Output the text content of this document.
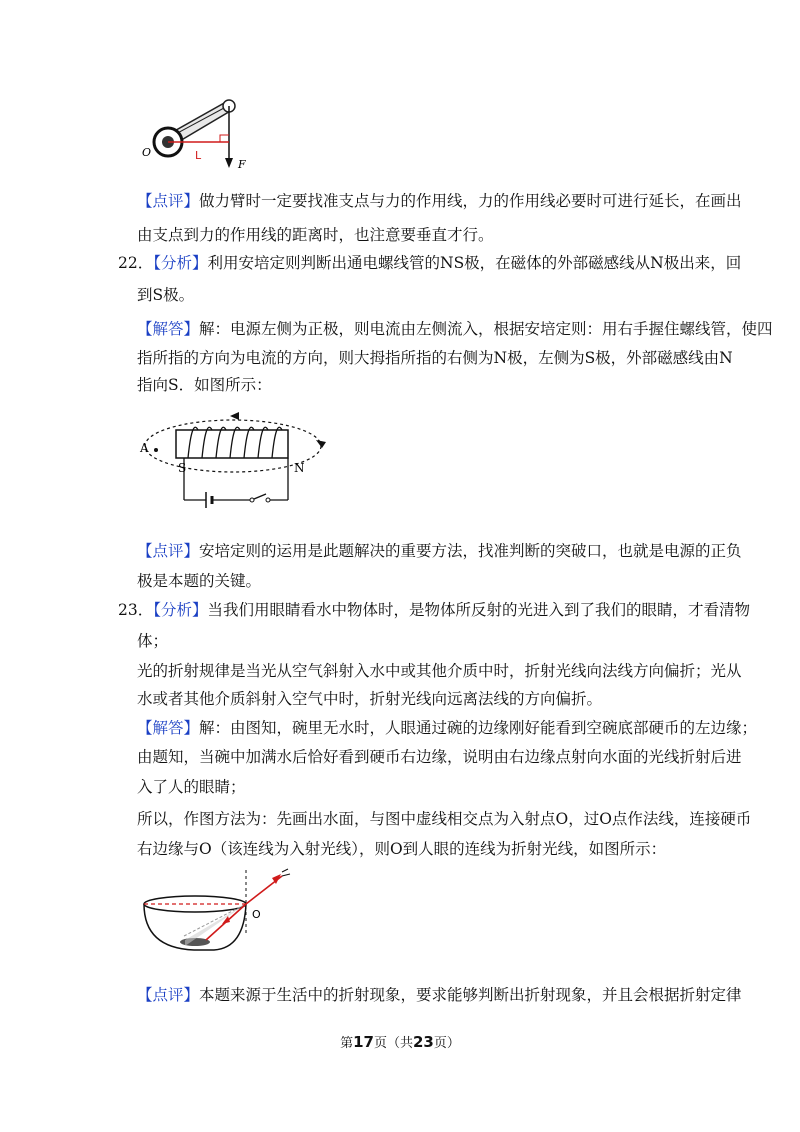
O	L
F
【点评】做力臂时一定要找准支点与力的作用线，力的作用线必要时可进行延长，在画出
由支点到力的作用线的距离时，也注意要垂直才行。
22．【分析】利用安培定则判断出通电螺线管的NS极，在磁体的外部磁感线从N极出来，回
到S极。
【解答】解：电源左侧为正极，则电流由左侧流入，根据安培定则：用右手握住螺线管，使四
指所指的方向为电流的方向，则大拇指所指的右侧为N极，左侧为S极，外部磁感线由N
指向S．如图所示：
A
S	N
【点评】安培定则的运用是此题解决的重要方法，找准判断的突破口，也就是电源的正负
极是本题的关键。
23．【分析】当我们用眼睛看水中物体时，是物体所反射的光进入到了我们的眼睛，才看清物
体；
光的折射规律是当光从空气斜射入水中或其他介质中时，折射光线向法线方向偏折；光从
水或者其他介质斜射入空气中时，折射光线向远离法线的方向偏折。
【解答】解：由图知，碗里无水时，人眼通过碗的边缘刚好能看到空碗底部硬币的左边缘；
由题知，当碗中加满水后恰好看到硬币右边缘，说明由右边缘点射向水面的光线折射后进
入了人的眼睛；
所以，作图方法为：先画出水面，与图中虚线相交点为入射点O，过O点作法线，连接硬币
右边缘与O（该连线为入射光线），则O到人眼的连线为折射光线，如图所示：
O
【点评】本题来源于生活中的折射现象，要求能够判断出折射现象，并且会根据折射定律
第17页（共23页）
